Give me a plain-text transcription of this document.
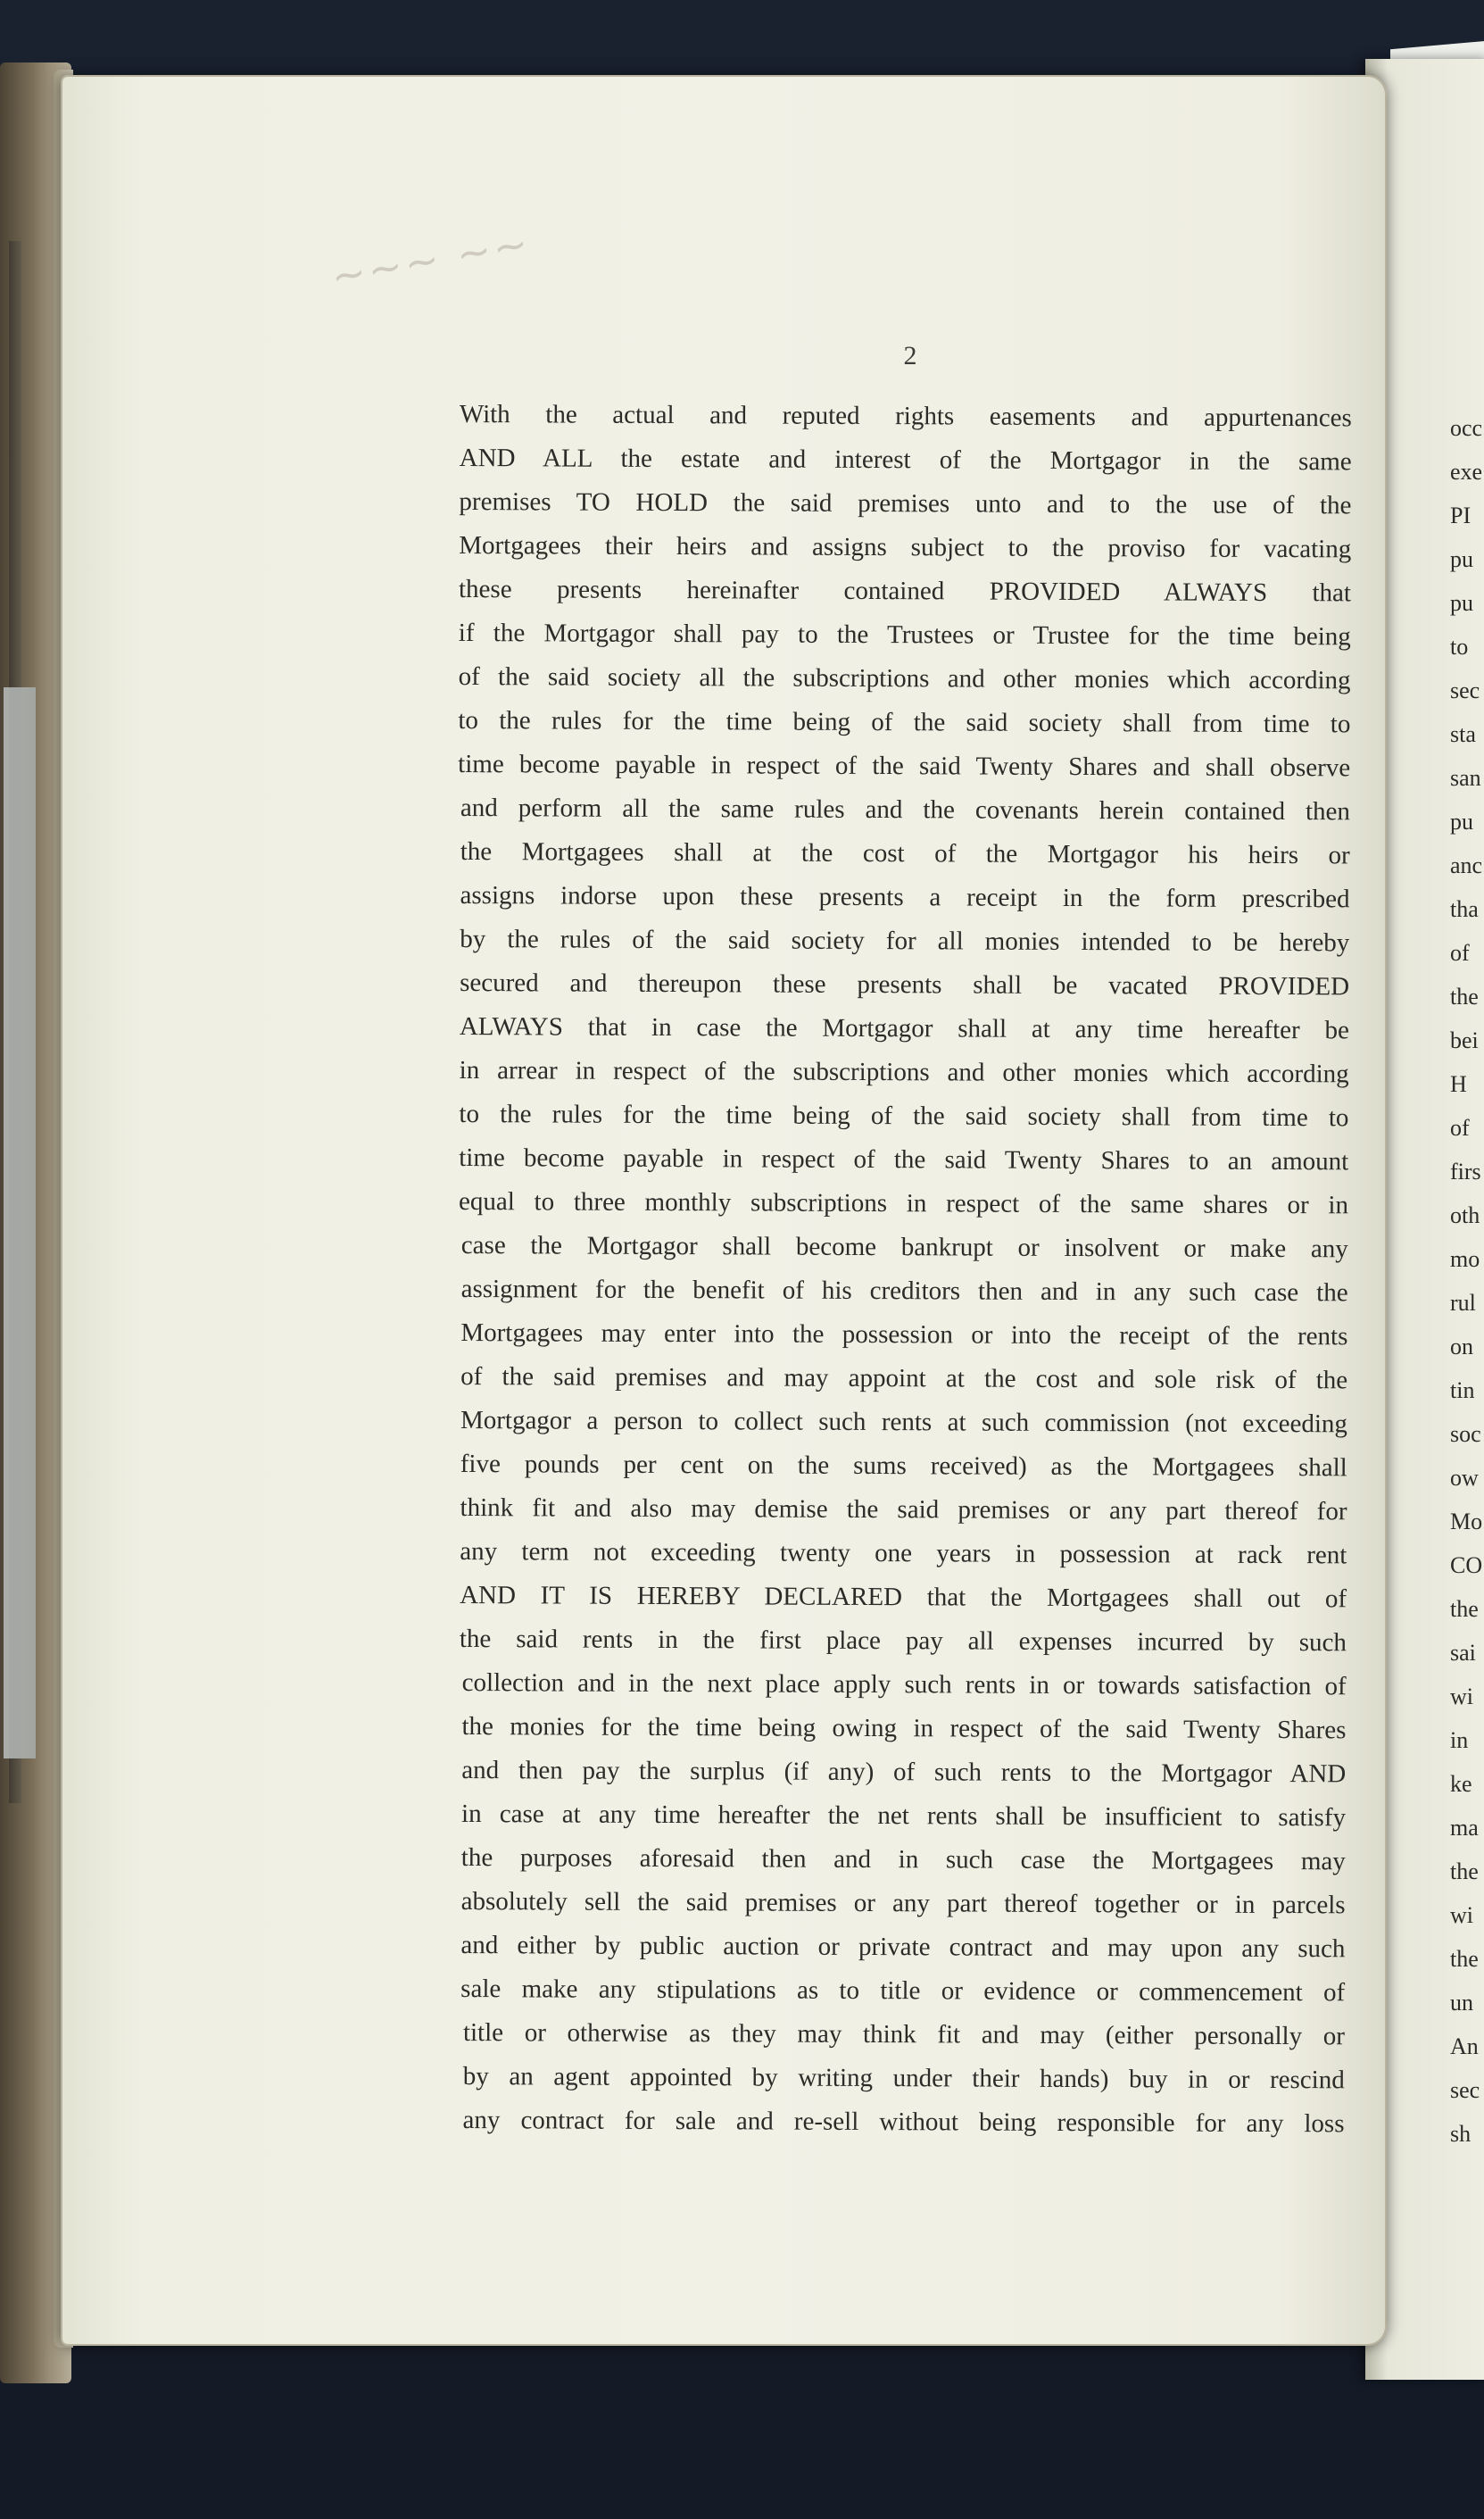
~~~ ~~
2
With the actual and reputed rights easements and appurtenances
AND ALL the estate and interest of the Mortgagor in the same
premises TO HOLD the said premises unto and to the use of the
Mortgagees their heirs and assigns subject to the proviso for vacating
these presents hereinafter contained PROVIDED ALWAYS that
if the Mortgagor shall pay to the Trustees or Trustee for the time being
of the said society all the subscriptions and other monies which according
to the rules for the time being of the said society shall from time to
time become payable in respect of the said Twenty Shares and shall observe
and perform all the same rules and the covenants herein contained then
the Mortgagees shall at the cost of the Mortgagor his heirs or
assigns indorse upon these presents a receipt in the form prescribed
by the rules of the said society for all monies intended to be hereby
secured and thereupon these presents shall be vacated PROVIDED
ALWAYS that in case the Mortgagor shall at any time hereafter be
in arrear in respect of the subscriptions and other monies which according
to the rules for the time being of the said society shall from time to
time become payable in respect of the said Twenty Shares to an amount
equal to three monthly subscriptions in respect of the same shares or in
case the Mortgagor shall become bankrupt or insolvent or make any
assignment for the benefit of his creditors then and in any such case the
Mortgagees may enter into the possession or into the receipt of the rents
of the said premises and may appoint at the cost and sole risk of the
Mortgagor a person to collect such rents at such commission (not exceeding
five pounds per cent on the sums received) as the Mortgagees shall
think fit and also may demise the said premises or any part thereof for
any term not exceeding twenty one years in possession at rack rent
AND IT IS HEREBY DECLARED that the Mortgagees shall out of
the said rents in the first place pay all expenses incurred by such
collection and in the next place apply such rents in or towards satisfaction of
the monies for the time being owing in respect of the said Twenty Shares
and then pay the surplus (if any) of such rents to the Mortgagor AND
in case at any time hereafter the net rents shall be insufficient to satisfy
the purposes aforesaid then and in such case the Mortgagees may
absolutely sell the said premises or any part thereof together or in parcels
and either by public auction or private contract and may upon any such
sale make any stipulations as to title or evidence or commencement of
title or otherwise as they may think fit and may (either personally or
by an agent appointed by writing under their hands) buy in or rescind
any contract for sale and re-sell without being responsible for any loss
occ
exe
PI
pu
pu
to
sec
sta
san
pu
anc
tha
of
the
bei
H
of
firs
oth
mo
rul
on
tin
soc
ow
Mo
CO
the
sai
wi
in
ke
ma
the
wi
the
un
An
sec
sh
